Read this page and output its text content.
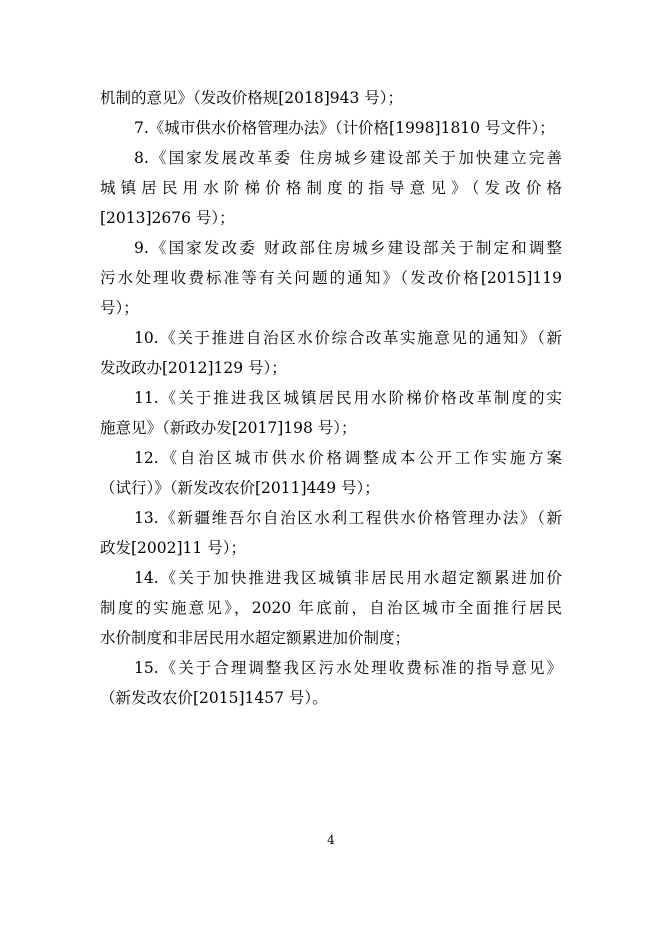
机制的意见》（发改价格规[2018]943 号）；
7.《城市供水价格管理办法》（计价格[1998]1810 号文件）；
8.《国家发展改革委 住房城乡建设部关于加快建立完善
城镇居民用水阶梯价格制度的指导意见》（发改价格
[2013]2676 号）；
9.《国家发改委 财政部住房城乡建设部关于制定和调整
污水处理收费标准等有关问题的通知》（发改价格[2015]119
号）；
10.《关于推进自治区水价综合改革实施意见的通知》（新
发改政办[2012]129 号）；
11.《关于推进我区城镇居民用水阶梯价格改革制度的实
施意见》（新政办发[2017]198 号）；
12.《自治区城市供水价格调整成本公开工作实施方案
（试行）》（新发改农价[2011]449 号）；
13.《新疆维吾尔自治区水利工程供水价格管理办法》（新
政发[2002]11 号）；
14.《关于加快推进我区城镇非居民用水超定额累进加价
制度的实施意见》，2020 年底前，自治区城市全面推行居民
水价制度和非居民用水超定额累进加价制度；
15.《关于合理调整我区污水处理收费标准的指导意见》
（新发改农价[2015]1457 号）。
4
